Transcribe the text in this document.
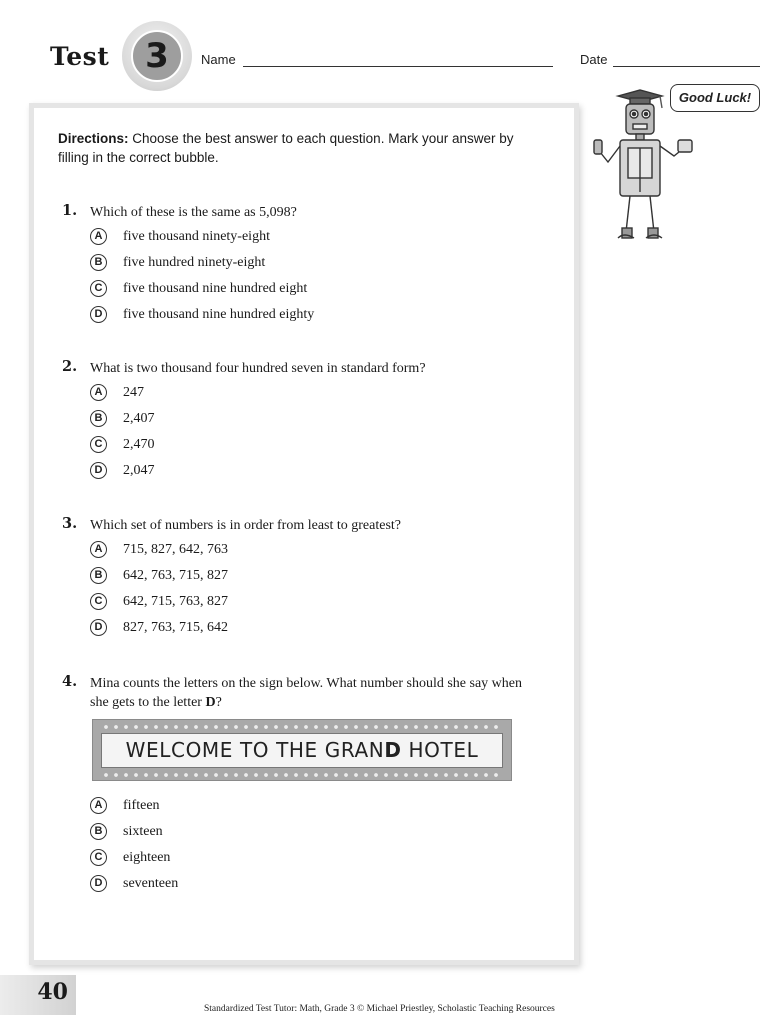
Test	3	Name	Date
Good Luck!
Directions: Choose the best answer to each question. Mark your answer by filling in the correct bubble.
1. Which of these is the same as 5,098?
A	five thousand ninety-eight
B	five hundred ninety-eight
C	five thousand nine hundred eight
D	five thousand nine hundred eighty
2. What is two thousand four hundred seven in standard form?
A	247
B	2,407
C	2,470
D	2,047
3. Which set of numbers is in order from least to greatest?
A	715, 827, 642, 763
B	642, 763, 715, 827
C	642, 715, 763, 827
D	827, 763, 715, 642
4. Mina counts the letters on the sign below. What number should she say when she gets to the letter D?
WELCOME TO THE GRAND HOTEL
A	fifteen
B	sixteen
C	eighteen
D	seventeen
40
Standardized Test Tutor: Math, Grade 3 © Michael Priestley, Scholastic Teaching Resources
